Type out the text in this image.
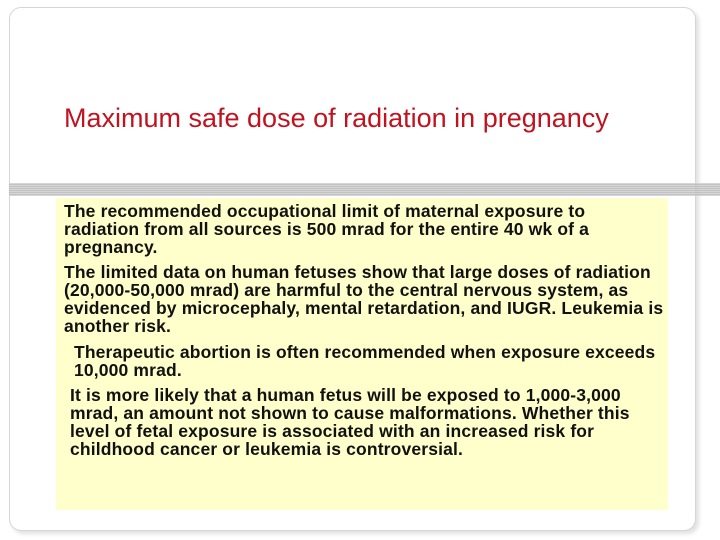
Maximum safe dose of radiation in pregnancy

The recommended occupational limit of maternal exposure to radiation from all sources is 500 mrad for the entire 40 wk of a pregnancy.

The limited data on human fetuses show that large doses of radiation (20,000-50,000 mrad) are harmful to the central nervous system, as evidenced by microcephaly, mental retardation, and IUGR. Leukemia is another risk.

Therapeutic abortion is often recommended when exposure exceeds 10,000 mrad.

It is more likely that a human fetus will be exposed to 1,000-3,000 mrad, an amount not shown to cause malformations. Whether this level of fetal exposure is associated with an increased risk for childhood cancer or leukemia is controversial.
